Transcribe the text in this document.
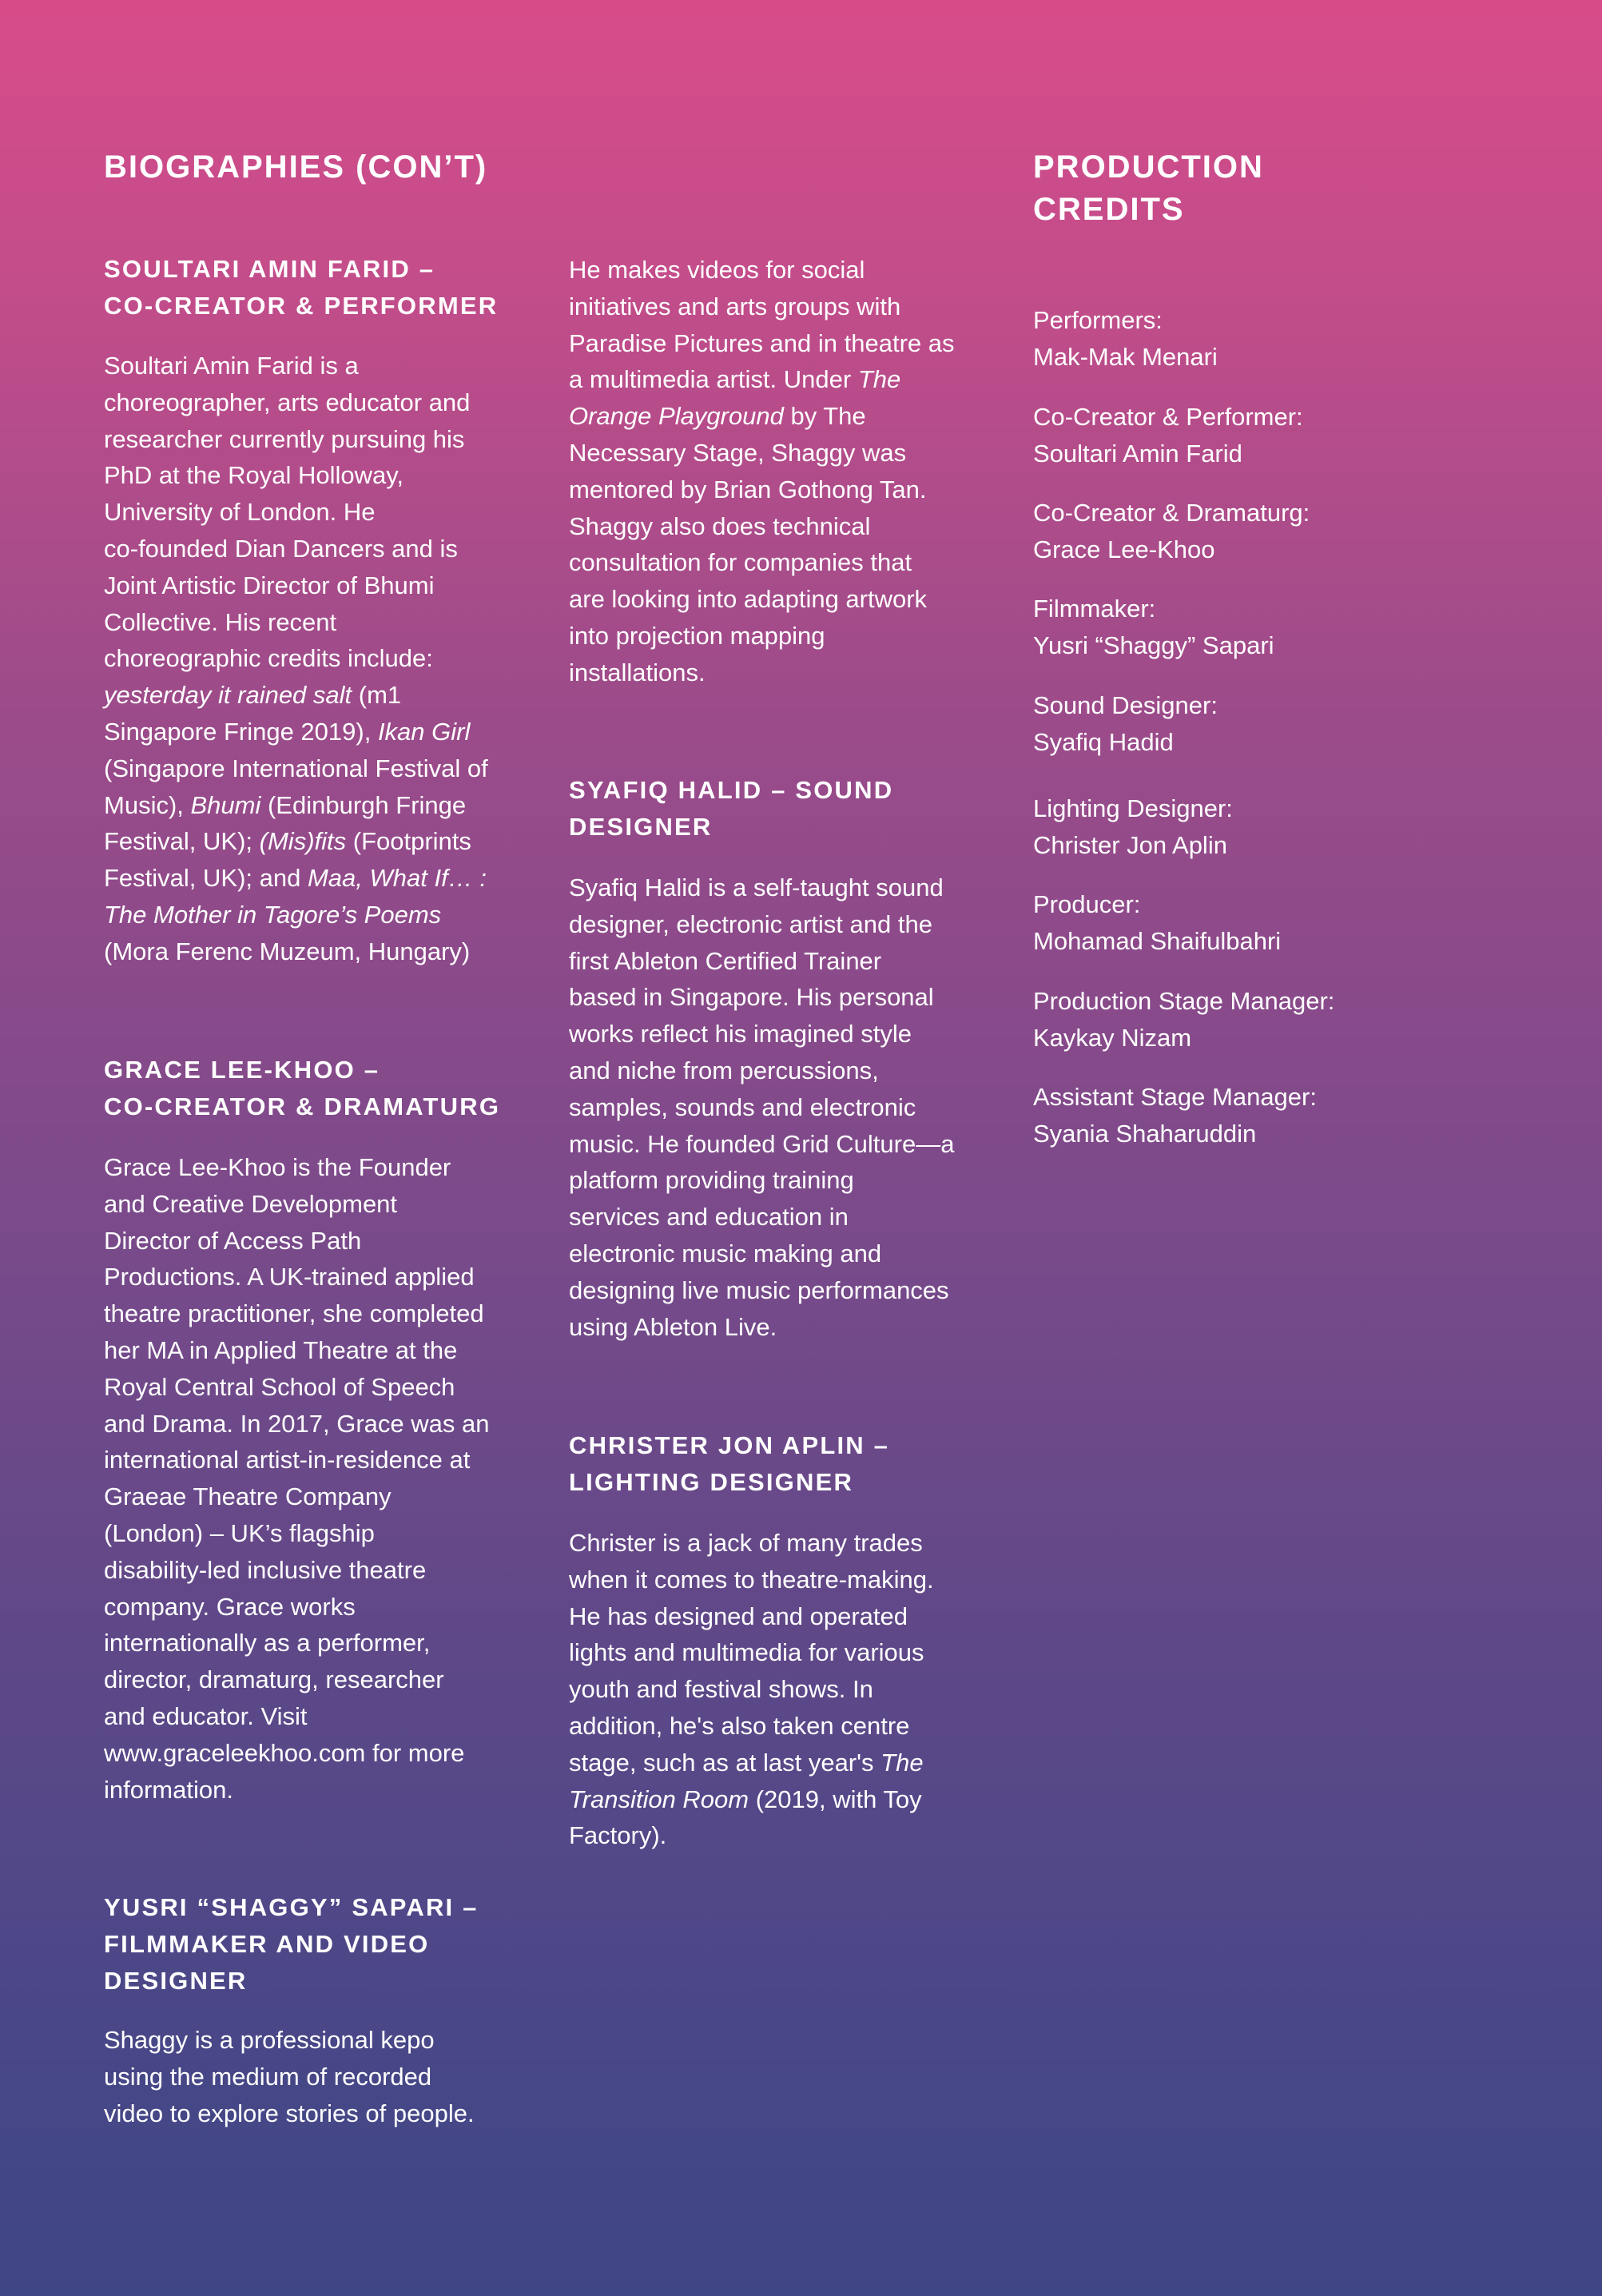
BIOGRAPHIES (CON’T)
SOULTARI AMIN FARID –
CO-CREATOR & PERFORMER
Soultari Amin Farid is a
choreographer, arts educator and
researcher currently pursuing his
PhD at the Royal Holloway,
University of London. He
co-founded Dian Dancers and is
Joint Artistic Director of Bhumi
Collective. His recent
choreographic credits include:
yesterday it rained salt (m1
Singapore Fringe 2019), Ikan Girl
(Singapore International Festival of
Music), Bhumi (Edinburgh Fringe
Festival, UK); (Mis)fits (Footprints
Festival, UK); and Maa, What If… :
The Mother in Tagore’s Poems
(Mora Ferenc Muzeum, Hungary)
GRACE LEE-KHOO –
CO-CREATOR & DRAMATURG
Grace Lee-Khoo is the Founder
and Creative Development
Director of Access Path
Productions. A UK-trained applied
theatre practitioner, she completed
her MA in Applied Theatre at the
Royal Central School of Speech
and Drama. In 2017, Grace was an
international artist-in-residence at
Graeae Theatre Company
(London) – UK’s flagship
disability-led inclusive theatre
company. Grace works
internationally as a performer,
director, dramaturg, researcher
and educator. Visit
www.graceleekhoo.com for more
information.
YUSRI “SHAGGY” SAPARI –
FILMMAKER AND VIDEO
DESIGNER
Shaggy is a professional kepo
using the medium of recorded
video to explore stories of people.
He makes videos for social
initiatives and arts groups with
Paradise Pictures and in theatre as
a multimedia artist. Under The
Orange Playground by The
Necessary Stage, Shaggy was
mentored by Brian Gothong Tan.
Shaggy also does technical
consultation for companies that
are looking into adapting artwork
into projection mapping
installations.
SYAFIQ HALID – SOUND
DESIGNER
Syafiq Halid is a self-taught sound
designer, electronic artist and the
first Ableton Certified Trainer
based in Singapore. His personal
works reflect his imagined style
and niche from percussions,
samples, sounds and electronic
music. He founded Grid Culture—a
platform providing training
services and education in
electronic music making and
designing live music performances
using Ableton Live.
CHRISTER JON APLIN –
LIGHTING DESIGNER
Christer is a jack of many trades
when it comes to theatre-making.
He has designed and operated
lights and multimedia for various
youth and festival shows. In
addition, he's also taken centre
stage, such as at last year's The
Transition Room (2019, with Toy
Factory).
PRODUCTION
CREDITS
Performers:
Mak-Mak Menari
Co-Creator & Performer:
Soultari Amin Farid
Co-Creator & Dramaturg:
Grace Lee-Khoo
Filmmaker:
Yusri “Shaggy” Sapari
Sound Designer:
Syafiq Hadid
Lighting Designer:
Christer Jon Aplin
Producer:
Mohamad Shaifulbahri
Production Stage Manager:
Kaykay Nizam
Assistant Stage Manager:
Syania Shaharuddin
